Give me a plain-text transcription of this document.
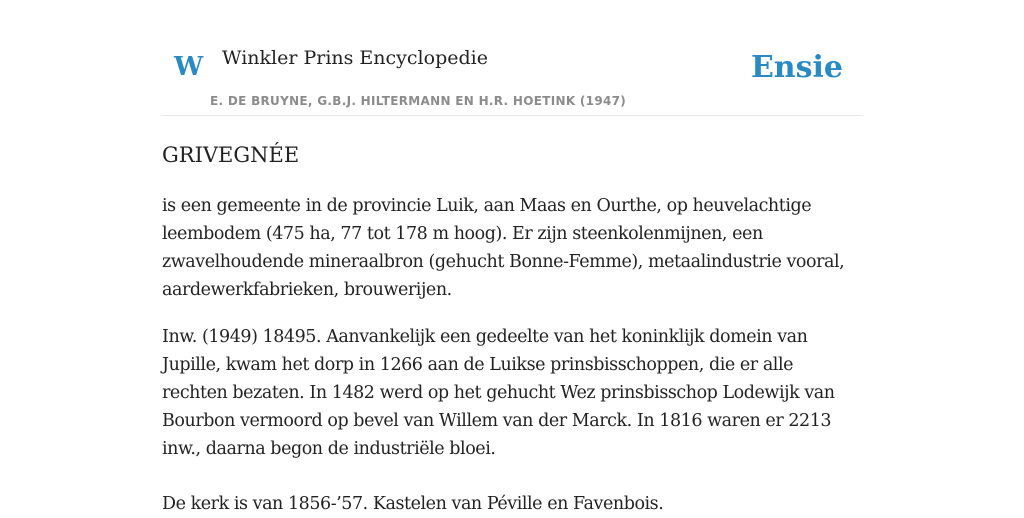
W Winkler Prins Encyclopedie
E. DE BRUYNE, G.B.J. HILTERMANN EN H.R. HOETINK (1947)
Ensie
GRIVEGNÉE

is een gemeente in de provincie Luik, aan Maas en Ourthe, op heuvelachtige leembodem (475 ha, 77 tot 178 m hoog). Er zijn steenkolenmijnen, een zwavelhoudende mineraalbron (gehucht Bonne-Femme), metaalindustrie vooral, aardewerkfabrieken, brouwerijen.

Inw. (1949) 18495. Aanvankelijk een gedeelte van het koninklijk domein van Jupille, kwam het dorp in 1266 aan de Luikse prinsbisschoppen, die er alle rechten bezaten. In 1482 werd op het gehucht Wez prinsbisschop Lodewijk van Bourbon vermoord op bevel van Willem van der Marck. In 1816 waren er 2213 inw., daarna begon de industriële bloei.

De kerk is van 1856-’57. Kastelen van Péville en Favenbois.
